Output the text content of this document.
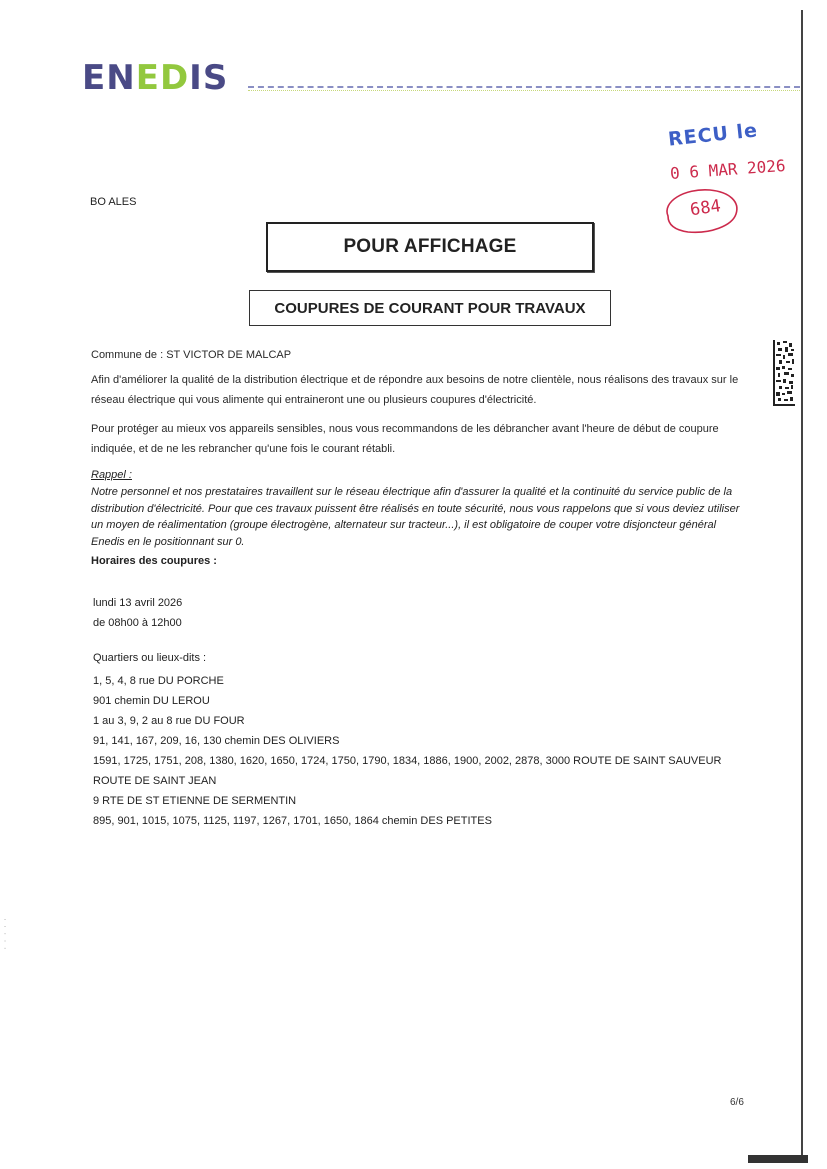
ENEDIS
RECU le
0 6 MAR 2026
684
BO ALES
POUR AFFICHAGE
COUPURES DE COURANT POUR TRAVAUX
Commune de : ST VICTOR DE MALCAP
Afin d'améliorer la qualité de la distribution électrique et de répondre aux besoins de notre clientèle, nous réalisons des travaux sur le réseau électrique qui vous alimente qui entraineront une ou plusieurs coupures d'électricité.
Pour protéger au mieux vos appareils sensibles, nous vous recommandons de les débrancher avant l'heure de début de coupure indiquée, et de ne les rebrancher qu'une fois le courant rétabli.
Rappel :
Notre personnel et nos prestataires travaillent sur le réseau électrique afin d'assurer la qualité et la continuité du service public de la distribution d'électricité. Pour que ces travaux puissent être réalisés en toute sécurité, nous vous rappelons que si vous deviez utiliser un moyen de réalimentation (groupe électrogène, alternateur sur tracteur...), il est obligatoire de couper votre disjoncteur général Enedis en le positionnant sur 0.
Horaires des coupures :
lundi 13 avril 2026
de 08h00 à 12h00
Quartiers ou lieux-dits :
1, 5, 4, 8 rue DU PORCHE
901 chemin DU LEROU
1 au 3, 9, 2 au 8 rue DU FOUR
91, 141, 167, 209, 16, 130 chemin DES OLIVIERS
1591, 1725, 1751, 208, 1380, 1620, 1650, 1724, 1750, 1790, 1834, 1886, 1900, 2002, 2878, 3000 ROUTE DE SAINT SAUVEUR
ROUTE DE SAINT JEAN
9 RTE DE ST ETIENNE DE SERMENTIN
895, 901, 1015, 1075, 1125, 1197, 1267, 1701, 1650, 1864 chemin DES PETITES
· · · · ·
6/6
